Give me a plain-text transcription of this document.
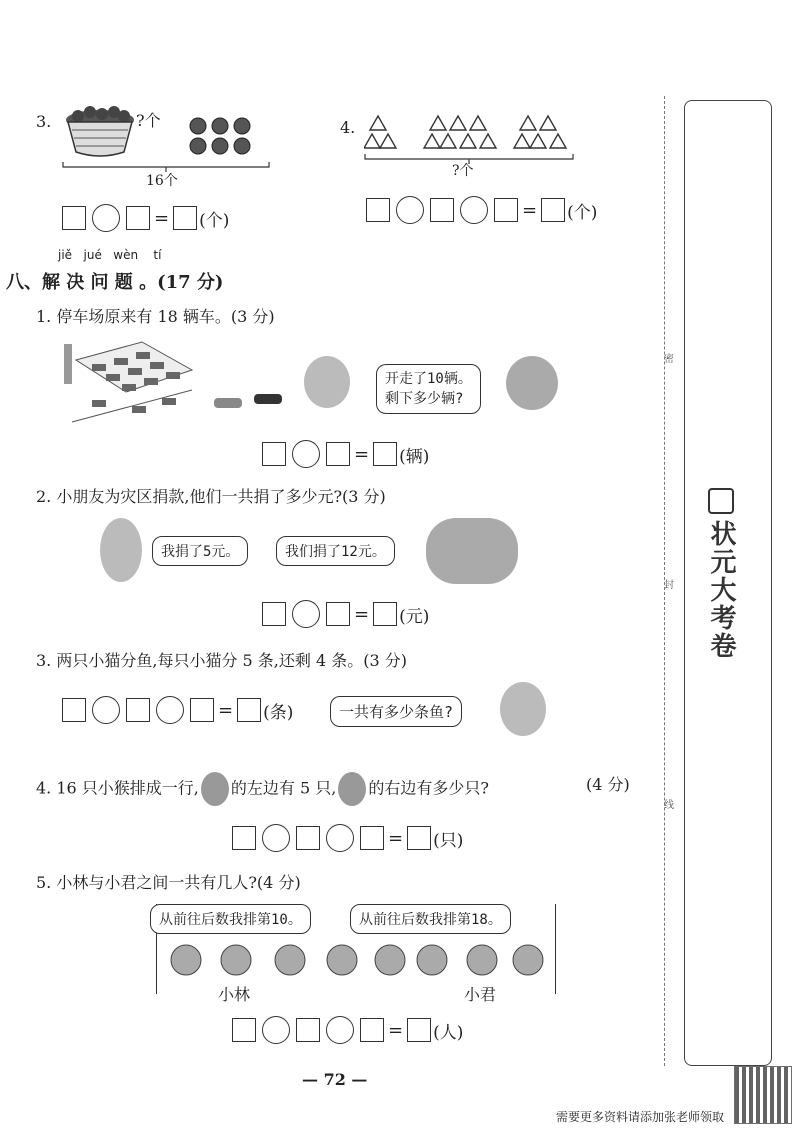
3.	?个
16个
= (个)
4.
?个
= (个)
jiě jué wèn tí
八、解 决 问 题 。(17 分)
1. 停车场原来有 18 辆车。(3 分)
开走了10辆。
剩下多少辆?
= (辆)
2. 小朋友为灾区捐款,他们一共捐了多少元?(3 分)
我捐了5元。	我们捐了12元。
= (元)
3. 两只小猫分鱼,每只小猫分 5 条,还剩 4 条。(3 分)
= (条)	一共有多少条鱼?
4. 16 只小猴排成一行, 的左边有 5 只, 的右边有多少只?	(4 分)
= (只)
5. 小林与小君之间一共有几人?(4 分)
从前往后数我排第10。	从前往后数我排第18。
小林	小君
= (人)
— 72 —
需要更多资料请添加张老师领取
密
封
线
状元大考卷
